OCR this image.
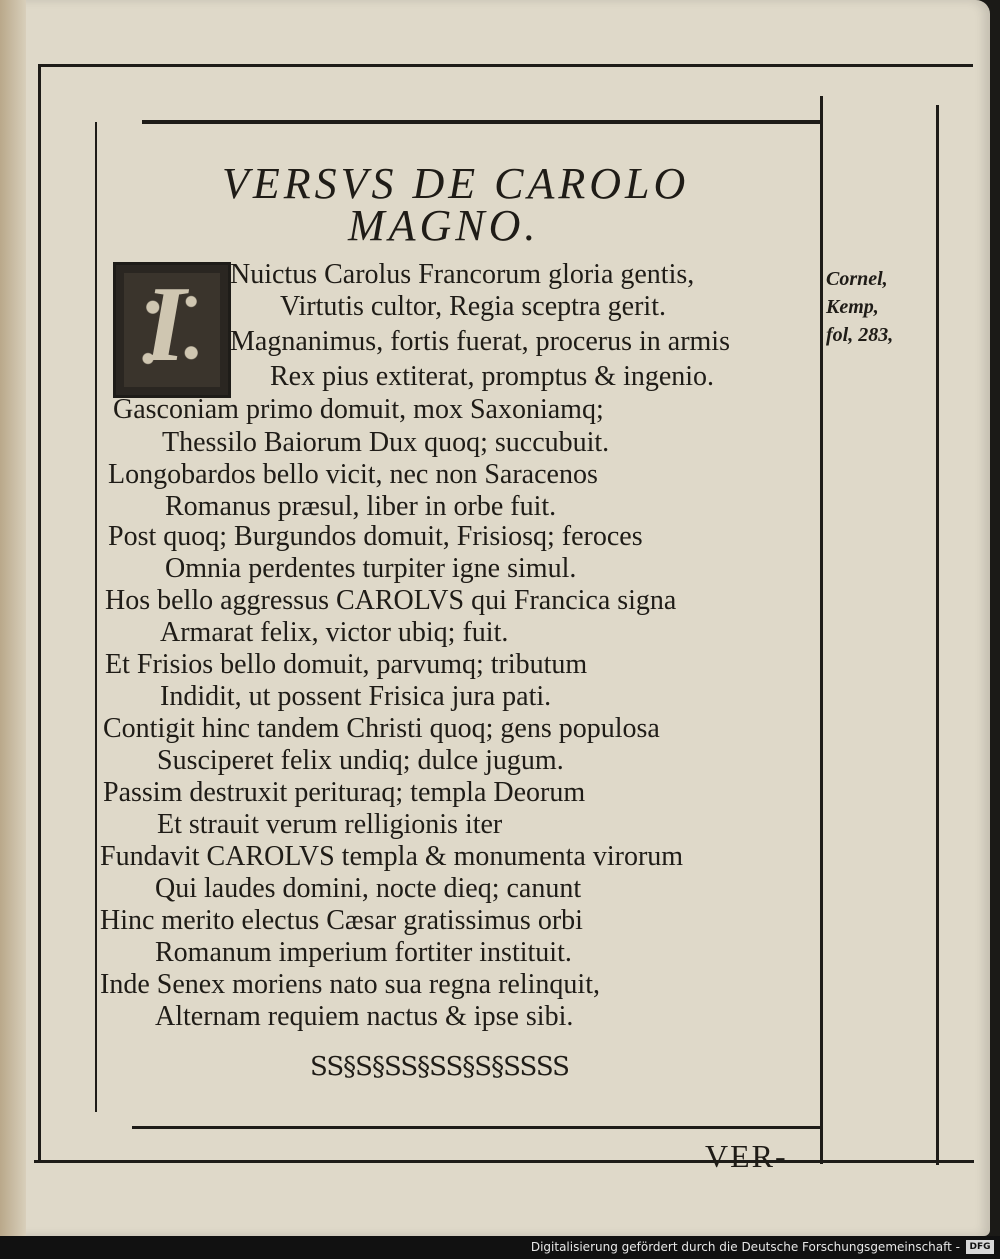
VERSVS DE CAROLO
MAGNO.
I Nuictus Carolus Francorum gloria gentis,
Virtutis cultor, Regia sceptra gerit.
Magnanimus, fortis fuerat, procerus in armis
Rex pius extiterat, promptus & ingenio.
Gasconiam primo domuit, mox Saxoniamq;
Thessilo Baiorum Dux quoq; succubuit.
Longobardos bello vicit, nec non Saracenos
Romanus præsul, liber in orbe fuit.
Post quoq; Burgundos domuit, Frisiosq; feroces
Omnia perdentes turpiter igne simul.
Hos bello aggressus CAROLVS qui Francica signa
Armarat felix, victor ubiq; fuit.
Et Frisios bello domuit, parvumq; tributum
Indidit, ut possent Frisica jura pati.
Contigit hinc tandem Christi quoq; gens populosa
Susciperet felix undiq; dulce jugum.
Passim destruxit perituraq; templa Deorum
Et strauit verum relligionis iter
Fundavit CAROLVS templa & monumenta virorum
Qui laudes domini, nocte dieq; canunt
Hinc merito electus Cæsar gratissimus orbi
Romanum imperium fortiter instituit.
Inde Senex moriens nato sua regna relinquit,
Alternam requiem nactus & ipse sibi.
Cornel,
Kemp,
fol, 283,
SS§S§SS§SS§S§SSSS
VER-
Digitalisierung gefördert durch die Deutsche Forschungsgemeinschaft -	DFG
